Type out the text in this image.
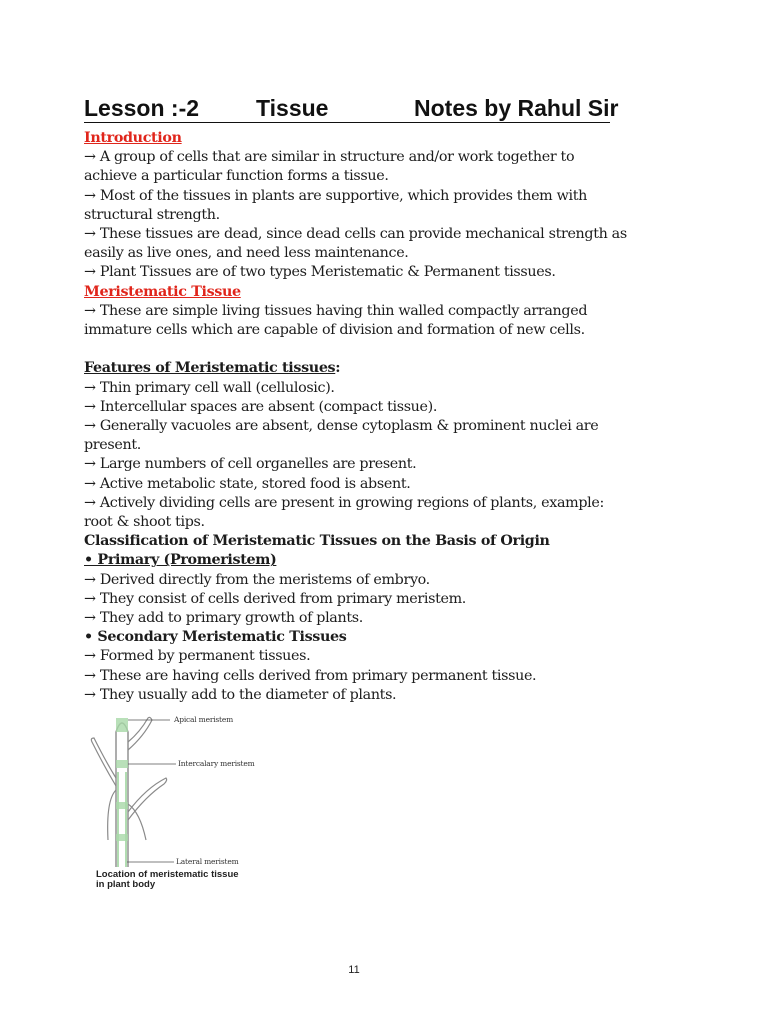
Lesson :-2 Tissue	Notes by Rahul Sir

Introduction

→ A group of cells that are similar in structure and/or work together to

achieve a particular function forms a tissue.

→ Most of the tissues in plants are supportive, which provides them with

structural strength.

→ These tissues are dead, since dead cells can provide mechanical strength as

easily as live ones, and need less maintenance.

→ Plant Tissues are of two types Meristematic & Permanent tissues.

Meristematic Tissue

→ These are simple living tissues having thin walled compactly arranged

immature cells which are capable of division and formation of new cells.

Features of Meristematic tissues:

→ Thin primary cell wall (cellulosic).

→ Intercellular spaces are absent (compact tissue).

→ Generally vacuoles are absent, dense cytoplasm & prominent nuclei are

present.

→ Large numbers of cell organelles are present.

→ Active metabolic state, stored food is absent.

→ Actively dividing cells are present in growing regions of plants, example:

root & shoot tips.

Classification of Meristematic Tissues on the Basis of Origin

• Primary (Promeristem)

→ Derived directly from the meristems of embryo.

→ They consist of cells derived from primary meristem.

→ They add to primary growth of plants.

• Secondary Meristematic Tissues

→ Formed by permanent tissues.

→ These are having cells derived from primary permanent tissue.

→ They usually add to the diameter of plants.

Apical meristem
Intercalary meristem
Lateral meristem
Location of meristematic tissue in plant body
11
